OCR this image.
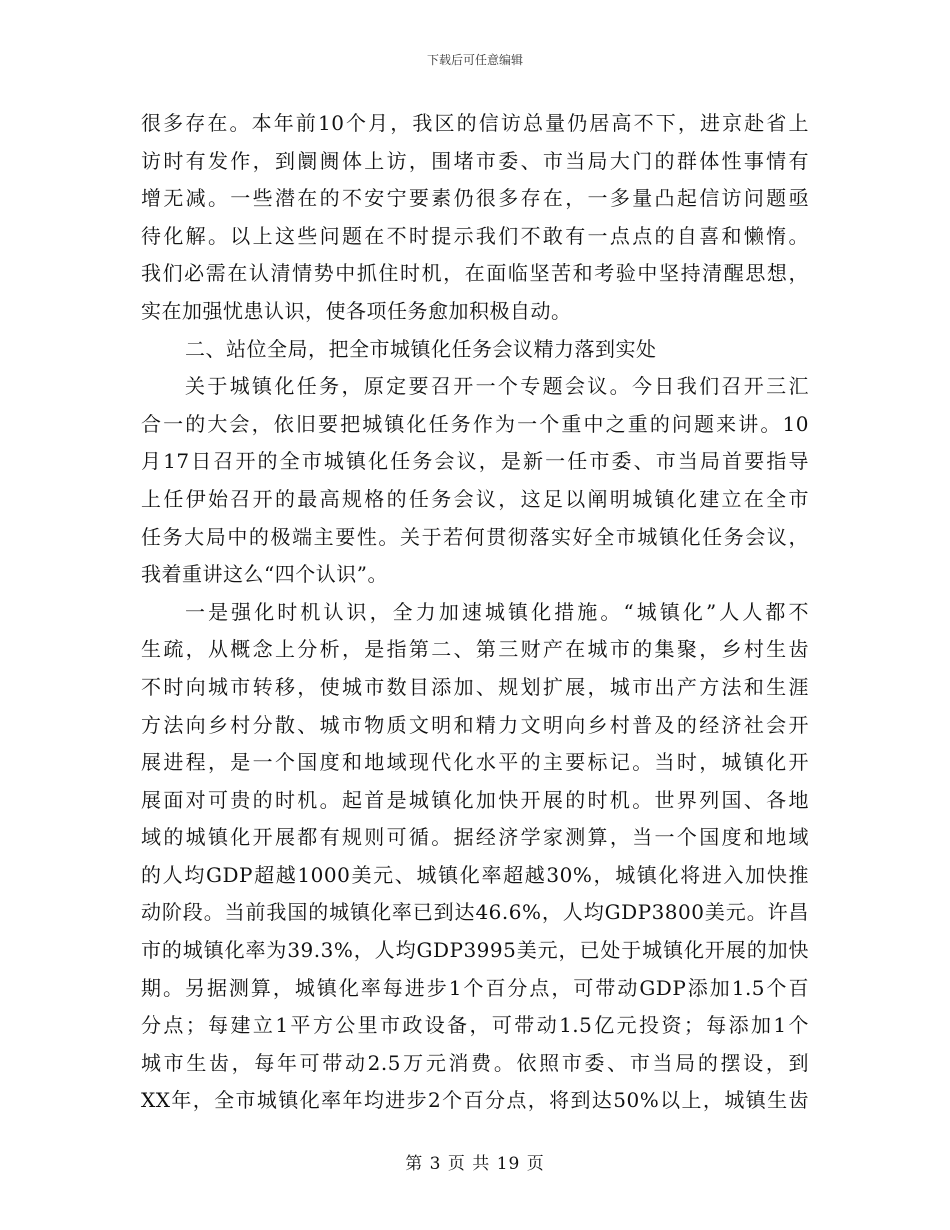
下载后可任意编辑
很多存在。本年前10个月，我区的信访总量仍居高不下，进京赴省上
访时有发作，到阛阓体上访，围堵市委、市当局大门的群体性事情有
增无减。一些潜在的不安宁要素仍很多存在，一多量凸起信访问题亟
待化解。以上这些问题在不时提示我们不敢有一点点的自喜和懒惰。
我们必需在认清情势中抓住时机，在面临坚苦和考验中坚持清醒思想，
实在加强忧患认识，使各项任务愈加积极自动。
二、站位全局，把全市城镇化任务会议精力落到实处
关于城镇化任务，原定要召开一个专题会议。今日我们召开三汇
合一的大会，依旧要把城镇化任务作为一个重中之重的问题来讲。10
月17日召开的全市城镇化任务会议，是新一任市委、市当局首要指导
上任伊始召开的最高规格的任务会议，这足以阐明城镇化建立在全市
任务大局中的极端主要性。关于若何贯彻落实好全市城镇化任务会议，
我着重讲这么“四个认识”。
一是强化时机认识，全力加速城镇化措施。“城镇化”人人都不
生疏，从概念上分析，是指第二、第三财产在城市的集聚，乡村生齿
不时向城市转移，使城市数目添加、规划扩展，城市出产方法和生涯
方法向乡村分散、城市物质文明和精力文明向乡村普及的经济社会开
展进程，是一个国度和地域现代化水平的主要标记。当时，城镇化开
展面对可贵的时机。起首是城镇化加快开展的时机。世界列国、各地
域的城镇化开展都有规则可循。据经济学家测算，当一个国度和地域
的人均GDP超越1000美元、城镇化率超越30%，城镇化将进入加快推
动阶段。当前我国的城镇化率已到达46.6%，人均GDP3800美元。许昌
市的城镇化率为39.3%，人均GDP3995美元，已处于城镇化开展的加快
期。另据测算，城镇化率每进步1个百分点，可带动GDP添加1.5个百
分点；每建立1平方公里市政设备，可带动1.5亿元投资；每添加1个
城市生齿，每年可带动2.5万元消费。依照市委、市当局的摆设，到
XX年，全市城镇化率年均进步2个百分点，将到达50%以上，城镇生齿
第 3 页 共 19 页
